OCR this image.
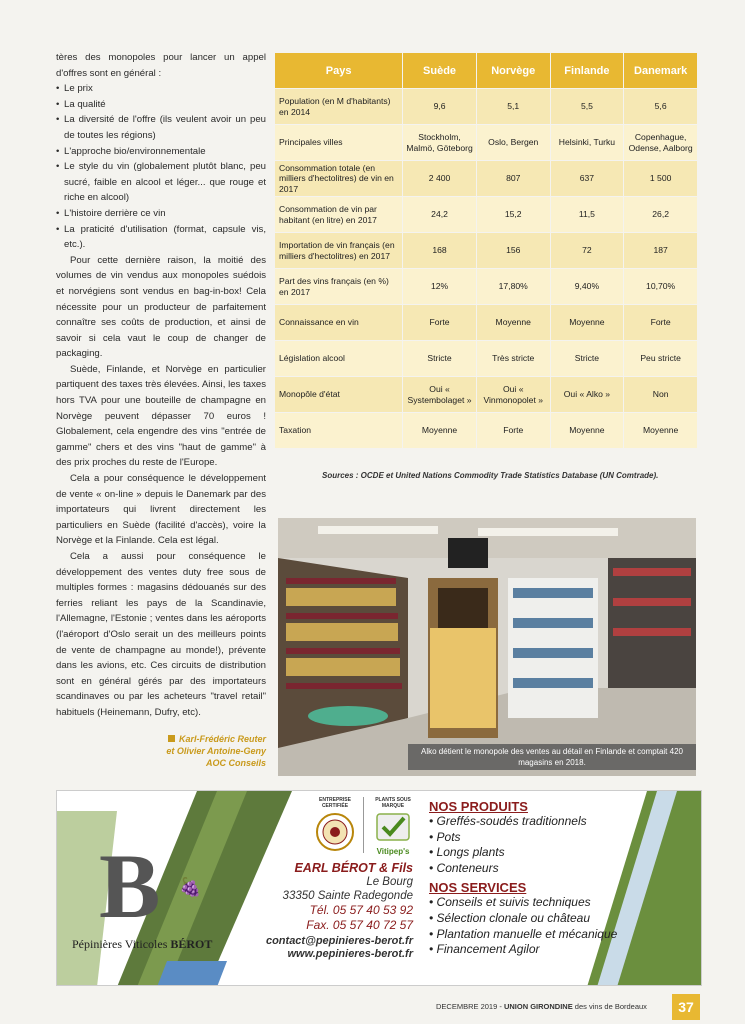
tères des monopoles pour lancer un appel d'offres sont en général :

• Le prix
• La qualité
• La diversité de l'offre (ils veulent avoir un peu de toutes les régions)
• L'approche bio/environnementale
• Le style du vin (globalement plutôt blanc, peu sucré, faible en alcool et léger... que rouge et riche en alcool)
• L'histoire derrière ce vin
• La praticité d'utilisation (format, capsule vis, etc.).

Pour cette dernière raison, la moitié des volumes de vin vendus aux monopoles suédois et norvégiens sont vendus en bag-in-box! Cela nécessite pour un producteur de parfaitement connaître ses coûts de production, et ainsi de savoir si cela vaut le coup de changer de packaging.

Suède, Finlande, et Norvège en particulier partiquent des taxes très élevées. Ainsi, les taxes hors TVA pour une bouteille de champagne en Norvège peuvent dépasser 70 euros ! Globalement, cela engendre des vins "entrée de gamme" chers et des vins "haut de gamme" à des prix proches du reste de l'Europe.

Cela a pour conséquence le développement de vente « on-line » depuis le Danemark par des importateurs qui livrent directement les particuliers en Suède (facilité d'accès), voire la Norvège et la Finlande. Cela est légal.

Cela a aussi pour conséquence le développement des ventes duty free sous de multiples formes : magasins dédouanés sur des ferries reliant les pays de la Scandinavie, l'Allemagne, l'Estonie ; ventes dans les aéroports (l'aéroport d'Oslo serait un des meilleurs points de vente de champagne au monde!), prévente dans les avions, etc. Ces circuits de distribution sont en général gérés par des importateurs scandinaves ou par les acheteurs "travel retail" habituels (Heinemann, Dufry, etc).

Karl-Frédéric Reuter
et Olivier Antoine-Geny
AOC Conseils
Pays	Suède	Norvège	Finlande	Danemark
Population (en M d'habitants) en 2014	9,6	5,1	5,5	5,6
Principales villes	Stockholm, Malmö, Göteborg	Oslo, Bergen	Helsinki, Turku	Copenhague, Odense, Aalborg
Consommation totale (en milliers d'hectolitres) de vin en 2017	2 400	807	637	1 500
Consommation de vin par habitant (en litre) en 2017	24,2	15,2	11,5	26,2
Importation de vin français (en milliers d'hectolitres) en 2017	168	156	72	187
Part des vins français (en %) en 2017	12%	17,80%	9,40%	10,70%
Connaissance en vin	Forte	Moyenne	Moyenne	Forte
Législation alcool	Stricte	Très stricte	Stricte	Peu stricte
Monopôle d'état	Oui « Systembolaget »	Oui « Vinmonopolet »	Oui « Alko »	Non
Taxation	Moyenne	Forte	Moyenne	Moyenne
Sources : OCDE et United Nations Commodity Trade Statistics Database (UN Comtrade).
Alko détient le monopole des ventes au détail en Finlande et comptait 420 magasins en 2018.
B 🍇
Pépinières Viticoles BÉROT
ENTREPRISE CERTIFIÉE
PLANTS SOUS MARQUE
Vitipep's
EARL BÉROT & Fils
Le Bourg
33350 Sainte Radegonde
Tél. 05 57 40 53 92
Fax. 05 57 40 72 57
contact@pepinieres-berot.fr
www.pepinieres-berot.fr
NOS PRODUITS
• Greffés-soudés traditionnels
• Pots
• Longs plants
• Conteneurs
NOS SERVICES
• Conseils et suivis techniques
• Sélection clonale ou château
• Plantation manuelle et mécanique
• Financement Agilor
DECEMBRE 2019 - UNION GIRONDINE des vins de Bordeaux	37
